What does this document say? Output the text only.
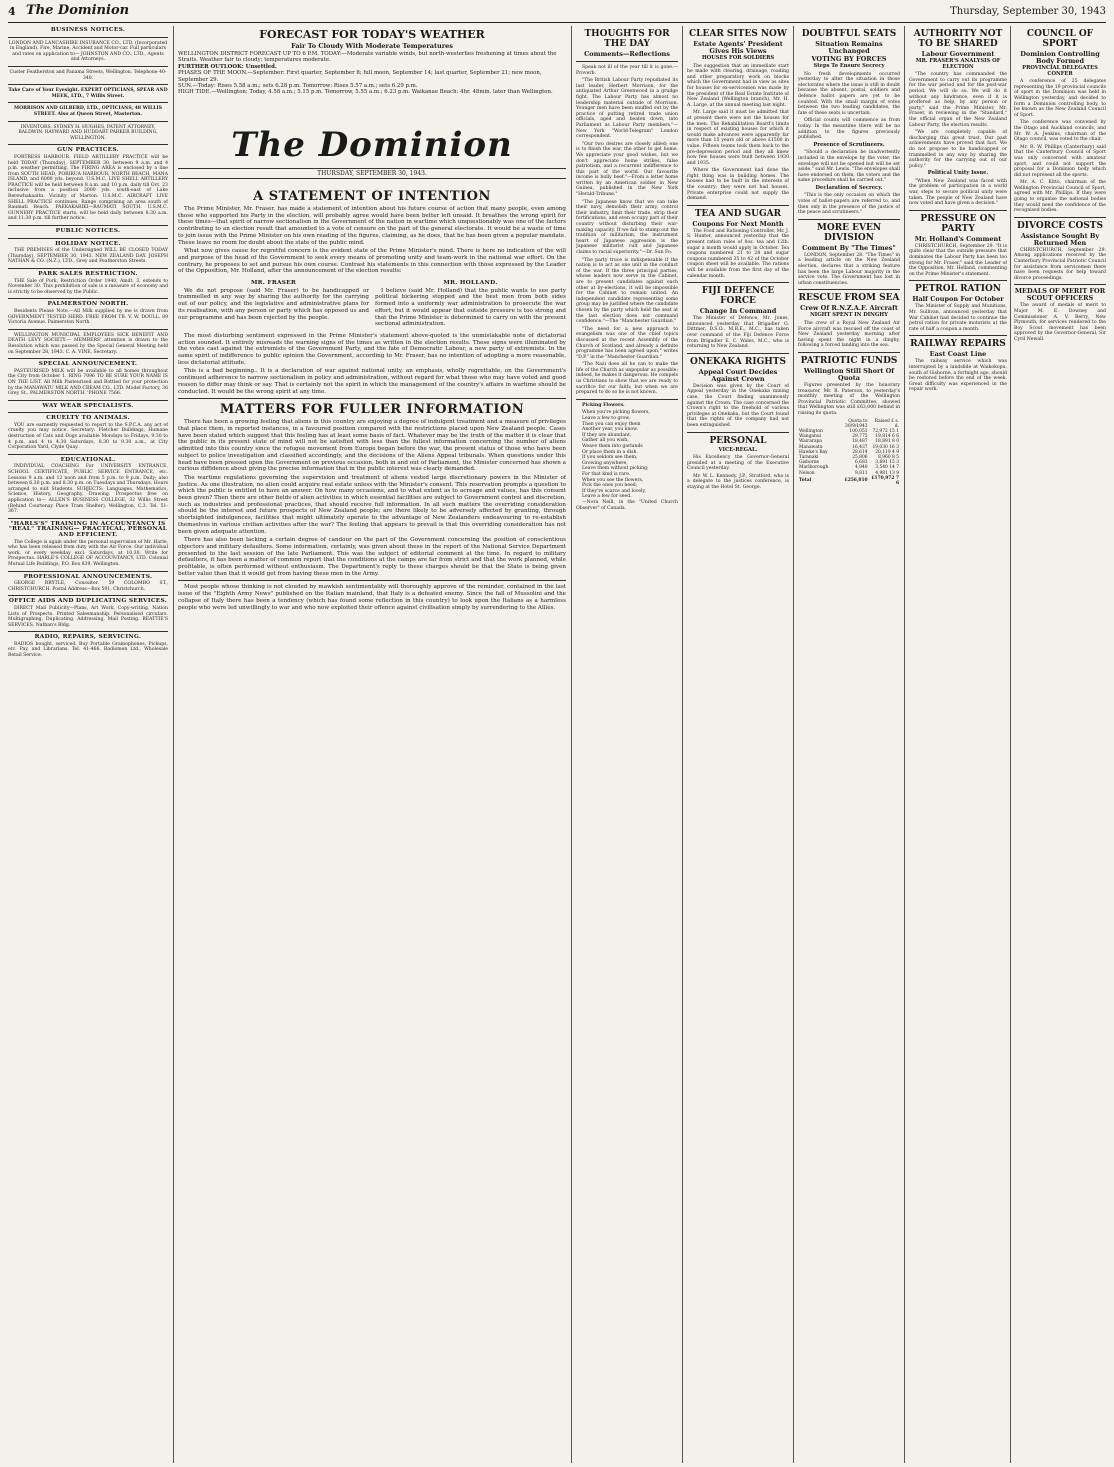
4 The Dominion	Thursday, September 30, 1943
BUSINESS NOTICES.
LONDON AND LANCASHIRE INSURANCE CO., LTD. (Incorporated in England). Fire, Marine, Accident and Motor-car. Full particulars and rates on application to— JOHNSTON AND CO., LTD., Agents and Attorneys.
Custer Featherston and Panama Streets, Wellington. Telephone 40-340.
Take Care of Your Eyesight. EXPERT OPTICIANS, SPEAR AND MEEK, LTD., 7 Willis Street.
MORRISON AND GILBERD, LTD., OPTICIANS, 48 WILLIS STREET. Also at Queen Street, Masterton.
INVENTORS. SYDNEY H. HUGHES, PATENT ATTORNEY, BALDWIN, RAYWARD AND HUDDART PARKER BUILDING, WELLINGTON.
GUN PRACTICES.

FORTRESS HARBOUR. FIELD ARTILLERY PRACTICE will be held TODAY (Thursday), SEPTEMBER 30, between 9 a.m. and 4 p.m. weather permitting. The FIRING AREA is enclosed by a line from SOUTH HEAD, PORIRUA HARBOUR, NORTH BEACH, MANA ISLAND, and 6000 yds. beyond. U.S.M.C. LIVE SHELL ARTILLERY PRACTICE will be held between 8 a.m. and 10 p.m. daily till Oct. 23 inclusive from a position 2000 yds. south-east of Lake Rerewhakaaitu. Vicinity of Marton. U.S.M.C. AIRCRAFT LIVE SHELL PRACTICE continues. Range comprising an area south of Raumati Beach. PAEKAKARIKI—RAUMATI SOUTH. U.S.M.C. GUNNERY PRACTICE starts, will be held daily between 8.30 a.m. and 11.30 p.m. till further notice.

PUBLIC NOTICES.
HOLIDAY NOTICE.

THE PREMISES of the Undersigned WILL BE CLOSED TODAY (Thursday), SEPTEMBER 30, 1943, NEW ZEALAND DAY. JOSEPH NATHAN & CO. (N.Z.), LTD., Grey and Featherston Streets.

PARK SALES RESTRICTION.

THE Sale of Pork, Restriction Order 1940, Amdt. 3, extends to November 30. This prohibition of sale is a measure of economy and is strictly to be observed by the Public.

PALMERSTON NORTH.

Residents Please Note.—All Milk supplied by me is drawn from GOVERNMENT TESTED HERD. FREE FROM TB. V. W. DOULL. 89 Victoria Avenue, Palmerston North.

WELLINGTON MUNICIPAL EMPLOYEES SICK BENEFIT AND DEATH LEVY SOCIETY.— MEMBERS' attention is drawn to the Resolution which was passed by the Special General Meeting held on September 28, 1943. C. A. VINE, Secretary.

SPECIAL ANNOUNCEMENT.

PASTEURISED MILK will be available to all homes throughout the City from October 1. RING 7096 TO BE SURE YOUR NAME IS ON THE LIST. All Milk Pasteurised and Bottled for your protection by the MANAWATU MILK AND CREAM CO., LTD. Model Factory, 36 Grey St., PALMERSTON NORTH. 'PHONE 7566.

WAY WEAR SPECIALISTS.
CRUELTY TO ANIMALS.

YOU are earnestly requested to report to the S.P.C.A. any act of cruelty you may notice. Secretary: Fletcher Buildings, Humane destruction of Cats and Dogs available Mondays to Fridays, 9.30 to 4 p.m. and 4 to 4.30 Saturdays, 8.30 to 9.30 a.m., at City Corporation Yard, Clyde Quay.

EDUCATIONAL.

INDIVIDUAL COACHING For UNIVERSITY ENTRANCE, SCHOOL CERTIFICATE, PUBLIC SERVICE ENTRANCE, etc. Lessons 9 a.m. and 12 noon and from 5 p.m. to 9 p.m. Daily; also between 6.30 p.m. and 8.30 p.m. on Tuesdays and Thursdays. Hours arranged to suit Students. SUBJECTS: Languages, Mathematics, Science, History, Geography, Drawing. Prospectus free on application to— ALLEN'S BUSINESS COLLEGE, 32 Willis Street (Behind Courtenay Place Tram Shelter), Wellington, C.3. Tel. 51-367.

"HARLS'S" TRAINING IN ACCOUNTANCY IS "REAL" TRAINING— PRACTICAL, PERSONAL AND EFFICIENT.

The College is again under the personal supervision of Mr. Harle, who has been released from duty with the Air Force. Our individual work, or every weekday excl. Saturdays, at 10.30. Write for Prospectus. HARLE'S COLLEGE OF ACCOUNTANCY, LTD. Colonial Mutual Life Buildings, P.O. Box 839, Wellington.

PROFESSIONAL ANNOUNCEMENTS.

GEORGE BRYTLE, Consulter. 59 COLOMBO ST., CHRISTCHURCH. Postal Address—Box 591, Christchurch.

OFFICE AIDS AND DUPLICATING SERVICES.

DIRECT Mail Publicity—Plans, Art Work, Copy-writing, Nation Lists of Prospects. Printed Salesmanship. Personalised circulars. Multigraphing, Duplicating, Addressing, Mail Posting. BEATTIE'S SERVICES, Nathan's Bldg.

RADIO, REPAIRS, SERVICING.

RADIOS bought, serviced. Buy Portable Gramophones, Pickups, etc. Pay, and Librarians. Tel. 41-466. Radiomen Ltd., Wholesale Retail Service.

FORECAST FOR TODAY'S WEATHER
Fair To Cloudy With Moderate Temperatures
WELLINGTON DISTRICT FORECAST UP TO 6 P.M. TODAY:—Moderate variable winds, but north-westerlies freshening at times about the Straits. Weather fair to cloudy; temperatures moderate.
FURTHER OUTLOOK: Unsettled.
PHASES OF THE MOON.—September: First quarter, September 8; full moon, September 14; last quarter, September 21; new moon, September 29.
SUN.—Today: Rises 5.58 a.m.; sets 6.28 p.m. Tomorrow: Rises 5.57 a.m.; sets 6.29 p.m.
HIGH TIDE.—Wellington: Today, 4.58 a.m.; 5.15 p.m. Tomorrow, 5.55 a.m.; 6.23 p.m. Waikanae Beach: 4hr. 48min. later than Wellington.
The Dominion
THURSDAY, SEPTEMBER 30, 1943.
A STATEMENT OF INTENTION

The Prime Minister, Mr. Fraser, has made a statement of intention about his future course of action that many people, even among those who supported his Party in the election, will probably agree would have been better left unsaid. It breathes the wrong spirit for these times—that spirit of narrow sectionalism in the Government of the nation in wartime which unquestionably was one of the factors contributing to an election result that amounted to a vote of censure on the part of the general electorate. It would be a waste of time to join issue with the Prime Minister on his own reading of the figures, claiming, as he does, that he has been given a popular mandate. These leave no room for doubt about the state of the public mind.

What now gives cause for regretful concern is the evident state of the Prime Minister's mind. There is here no indication of the will and purpose of the head of the Government to seek every means of promoting unity and team-work in the national war effort. On the contrary, he proposes to set and pursue his own course. Contrast his statements in this connection with those expressed by the Leader of the Opposition, Mr. Holland, after the announcement of the election results:

MR. FRASER

We do not propose (said Mr. Fraser) to be handicapped or trammelled in any way by sharing the authority for the carrying out of our policy, and the legislative and administrative plans for its realisation, with any person or party which has opposed us and our programme and has been rejected by the people.

MR. HOLLAND.

I believe (said Mr. Holland) that the public wants to see party political bickering stopped and the best men from both sides formed into a uniformly war administration to prosecute the war effort, but it would appear that outside pressure is too strong and that the Prime Minister is determined to carry on with the present sectional administration.

The most disturbing sentiment expressed in the Prime Minister's statement above-quoted is the unmistakable note of dictatorial action sounded. It entirely misreads the warning signs of the times as written in the election results. These signs were illuminated by the votes cast against the extremists of the Government Party, and the fate of Democratic Labour, a new party of extremists. In the same spirit of indifference to public opinion the Government, according to Mr. Fraser, has no intention of adopting a more reasonable, less dictatorial attitude.

This is a bad beginning.. It is a declaration of war against national unity, an emphasis, wholly regrettable, on the Government's continued adherence to narrow sectionalism in policy and administration, without regard for what those who may have voted and good reason to differ may think or say. That is certainly not the spirit in which the management of the country's affairs in wartime should be conducted. It would be the wrong spirit at any time.

MATTERS FOR FULLER INFORMATION

There has been a growing feeling that aliens in this country are enjoying a degree of indulgent treatment and a measure of privileges that place them, in reported instances, in a favoured position compared with the restrictions placed upon New Zealand people. Cases have been stated which suggest that this feeling has at least some basis of fact. Whatever may be the truth of the matter it is clear that the public in its present state of mind will not be satisfied with less than the fullest information concerning the number of aliens admitted into this country since the refugee movement from Europe began before the war, the present status of those who have been subject to police investigation and classified accordingly, and the decisions of the Aliens Appeal tribunals. When questions under this head have been pressed upon the Government on previous occasion, both in and out of Parliament, the Minister concerned has shown a curious diffidence about giving the precise information that in the public interest was clearly demanded.

The wartime regulations governing the supervision and treatment of aliens vested large discretionary powers in the Minister of Justice. As one illustration, no alien could acquire real estate unless with the Minister's consent. This reservation prompts a question to which the public is entitled to have an answer. On how many occasions, and to what extent as to acreage and values, has this consent been given? Then there are other fields of alien activities in which essential facilities are subject to Government control and discretion, such as industries and professional practices, that should receive full information. In all such matters the overriding consideration should be the interest and future prospects of New Zealand people; are there likely to be adversely affected by granting, through shortsighted indulgences, facilities that might ultimately operate to the advantage of New Zealanders endeavouring to re-establish themselves in various civilian activities after the war? The feeling that appears to prevail is that this overriding consideration has not been given adequate attention.

There has also been lacking a certain degree of candour on the part of the Government concerning the position of conscientious objectors and military defaulters. Some information, certainly, was given about these in the report of the National Service Department presented to the last session of the late Parliament. This was the subject of editorial comment at the time. In regard to military defaulters, it has been a matter of common report that the conditions at the camps are far from strict and that the work planned, while profitable, is often performed without enthusiasm. The Department's reply to these charges should be that the State is being given better value than that it would get from having these men in the Army.

Most people whose thinking is not clouded by mawkish sentimentality will thoroughly approve of the reminder, contained in the last issue of the "Eighth Army News" published on the Italian mainland, that Italy is a defeated enemy. Since the fall of Mussolini and the collapse of Italy there has been a tendency (which has found some reflection in this country) to look upon the Italians as a harmless people who were led unwillingly to war and who now exploited their offence against civilisation simply by surrendering to the Allies.

THOUGHTS FOR THE DAY
Comments—Reflections

Speak not ill of the year till it is gone.—Proverb.

"The British Labour Party repudiated its last leader, Herbert Morrison, for the antiquated Arthur Greenwood in a grudge fight. The Labour Party has almost no leadership material outside of Morrison. Younger men have been snuffed out by the practice of putting retired trade union officials, aged and beaten down, into Parliament as Labour Party members."—New York "World-Telegram" London correspondent.

"Our two desires are closely allied; one is to finish the war, the other to get home. We appreciate your good wishes, but we don't appreciate home strikes, false patriotism, and a recurrent indifference to this part of the world. Our favourite income is bully beef."—From a letter home written by an American soldier in New Guinea, published in the New York "Herald-Tribune."

"The Japanese know that we can take their navy, demolish their army, control their industry, limit their trade, strip their fortifications, and even occupy part of their country without disturbing their war-making capacity. If we fail to stamp out the tradition of militarism, the instrument heart of Japanese aggression is the Japanese militarist cult and Japanese claims to racial superiority."—Dr. Sun Fo.

"The party truce is indispensable if the nation is to act as one unit in the conduct of the war. If the three principal parties, whose leaders now serve in the Cabinet, are to present candidates against each other at by-elections, it will be impossible for the Cabinet to remain united. An independent candidate representing some group may be justified where the candidate chosen by the party which held the seat at the last election does not command confidence."—The "Manchester Guardian."

"The need for a new approach to evangelism was one of the chief topics discussed at the recent Assembly of the Church of Scotland, and already a definite programme has been agreed upon," writes "D.P." in the "Manchester Guardian."

"The Nazi does all he can to make the life of the Church as unpopular as possible; indeed, he makes it dangerous. He compels us Christians to show that we are ready to sacrifice for our faith; but when we are prepared to do so he is not known.

Picking Flowers.

When you're picking flowers,
Leave a few to grow;
Then you can enjoy them
Another year, you know.
If they are abundant,
Gather all you wish,
Weave them into garlands
Or place them in a dish.
If you seldom see them,
Growing anywhere,
Leave them without picking;
For that kind is rare.
When you see the flowers,
Pick the ones you need;
If they're scarce and lovely,
Leave a few for seed.

—Nora Neill, in the "United Church Observer" of Canada.

CLEAR SITES NOW
Estate Agents' President Gives His Views
HOUSES FOR SOLDIERS

The suggestion that an immediate start be made with clearing, drainage, roading and other preparatory work on blocks which the Government had in view as sites for houses for ex-servicemen was made by the president of the Real Estate Institute of New Zealand (Wellington branch), Mr. H. A. Large, at the annual meeting last night.

Mr. Large said it must be admitted that at present there were not the houses for the men. The Rehabilitation Board's limits in respect of existing houses for which it would make advances were apparently far more than 15 years old or above £1500 in value. Fifteen teams took them back to the pre-depression period and they all knew how few houses were built between 1930 and 1935.

Where the Government had done the right thing was in building homes. The houses had to be built in the interests of the country; they were not bad houses. Private enterprise could not supply the demand.

TEA AND SUGAR
Coupons For Next Month

The Food and Rationing Controller, Mr. J. S. Hunter, announced yesterday that the present ration rules of 8oz. tea and 12lb. sugar a month would apply in October. Tea coupons numbered 21 to 28 and sugar coupons numbered 35 to 42 of the October coupon sheet will be available. The rations will be available from the first day of the calendar month.

FIJI DEFENCE FORCE
Change In Command

The Minister of Defence, Mr. Jones, announced yesterday that Brigadier G. Dittmer, D.S.O., M.B.E., M.C., has taken over command of the Fiji Defence Force from Brigadier E. C. Wales, M.C., who is returning to New Zealand.

ONEKAKA RIGHTS
Appeal Court Decides Against Crown

Decision was given by the Court of Appeal yesterday in the Onekaka mining case, the Court finding unanimously against the Crown. The case concerned the Crown's right to the freehold of various privileges at Onekaka, but the Court found that the rights of the company had not been extinguished.

PERSONAL
VICE-REGAL.

His Excellency the Governor-General presided at a meeting of the Executive Council yesterday.

Mr. W. L. Kennedy, J.P., Stratford, who is a delegate to the justices conference, is staying at the Hotel St. George.

DOUBTFUL SEATS
Situation Remains Unchanged
VOTING BY FORCES
Steps To Ensure Secrecy

No fresh developments occurred yesterday to alter the situation in those electorates where the issue is still in doubt because the absent, postal, soldiers and defence ballot papers are yet to be counted. With the small margin of votes between the two leading candidates, the fate of these seats is uncertain.

Official counts will commence as from today. In the meantime there will be no addition to the figures previously published.

Presence of Scrutineers.

"Should a declaration be inadvertently included in the envelope by the voter, the envelope will not be opened but will be set aside," said Mr. Lewis. "The envelopes shall have endorsed on them, the voters and the same procedure shall be carried out."

Declaration of Secrecy.

"This is the only occasion on which the votes of ballot-papers are referred to, and then only in the presence of the justice of the peace and scrutineers."

MORE EVEN DIVISION
Comment By "The Times"

LONDON, September 28. "The Times" in a leading article on the New Zealand election, declares that a striking feature has been the large Labour majority in the service vote. The Government has lost in urban constituencies.

RESCUE FROM SEA
Crew Of R.N.Z.A.F. Aircraft
NIGHT SPENT IN DINGHY

The crew of a Royal New Zealand Air Force aircraft was rescued off the coast of New Zealand yesterday morning after having spent the night in a dinghy, following a forced landing into the sea.

PATRIOTIC FUNDS
Wellington Still Short Of Quota

Figures presented by the honorary treasurer, Mr. R. Paterson, to yesterday's monthly meeting of the Wellington Provincial Patriotic Committee, showed that Wellington was still £63,000 behind in raising its quota.

	Quota to 30/9/1943	Raised £ s. d.
Wellington	100,051	72,972 15 1
Wanganui	29,775	19,814 6 6
Wairarapa	18,487	18,891 8 0
Manawatu	16,437	19,030 16 3
Hawke's Bay	28,614	20,119 4 9
Taranaki	25,806	8,960 8 5
Gisborne	6,683	3,691 15 3
Marlborough	4,940	3,540 14 7
Nelson	9,811	4,981 13 9
Total	£256,810	£170,972 7 6
AUTHORITY NOT TO BE SHARED
Labour Government
MR. FRASER'S ANALYSIS OF ELECTION

"The country has commanded the Government to carry out its programme for the war period and for the post-war period. We will do so. We will do it without any hindrance, even if it is proffered as help, by any person or party," said the Prime Minister, Mr. Fraser, in reviewing in the "Standard," the official organ of the New Zealand Labour Party, the election results.

"We are completely capable of discharging this great trust. Our past achievements have proved that fact. We do not propose to be handicapped or trammelled in any way by sharing the authority for the carrying out of our policy."

Political Unity Issue.

"When New Zealand was faced with the problem of participation in a world war, steps to secure political unity were taken. The people of New Zealand have now voted and have given a decision."

PRESSURE ON PARTY
Mr. Holland's Comment

CHRISTCHURCH, September 29. "It is quite clear that the outside pressure that dominates the Labour Party has been too strong for Mr. Fraser," said the Leader of the Opposition, Mr. Holland, commenting on the Prime Minister's statement.

PETROL RATION
Half Coupon For October

The Minister of Supply and Munitions, Mr. Sullivan, announced yesterday that War Cabinet had decided to continue the petrol ration for private motorists at the rate of half a coupon a month.

RAILWAY REPAIRS
East Coast Line

The railway service which was interrupted by a landslide at Waikokopu, south of Gisborne, a fortnight ago, should be restored before the end of the week. Great difficulty was experienced in the repair work.

COUNCIL OF SPORT
Dominion Controlling Body Formed
PROVINCIAL DELEGATES CONFER

A conference of 25 delegates representing the 19 provincial councils of sport in the Dominion was held in Wellington yesterday, and decided to form a Dominion controlling body, to be known as the New Zealand Council of Sport.

The conference was convened by the Otago and Auckland councils, and Mr. W. A. Jenkins, chairman of the Otago council, was voted to the chair.

Mr. R. W. Phillips (Canterbury) said that the Canterbury Council of Sport was only concerned with amateur sport, and could not support the proposal for a Dominion body which did not represent all the sports.

Mr. A. C. Kitto, chairman of the Wellington Provincial Council of Sport, agreed with Mr. Phillips. If they were going to organise the national bodies they would need the confidence of the recognised bodies.

DIVORCE COSTS
Assistance Sought By Returned Men

CHRISTCHURCH, September 29. Among applications received by the Canterbury Provincial Patriotic Council for assistance from servicemen there have been requests for help toward divorce proceedings.

MEDALS OF MERIT FOR SCOUT OFFICERS

The award of medals of merit to Major M. E. Downey and Commissioner A. V. Berry, New Plymouth, for services rendered to the Boy Scout movement has been approved by the Governor-General, Sir Cyril Newall.
